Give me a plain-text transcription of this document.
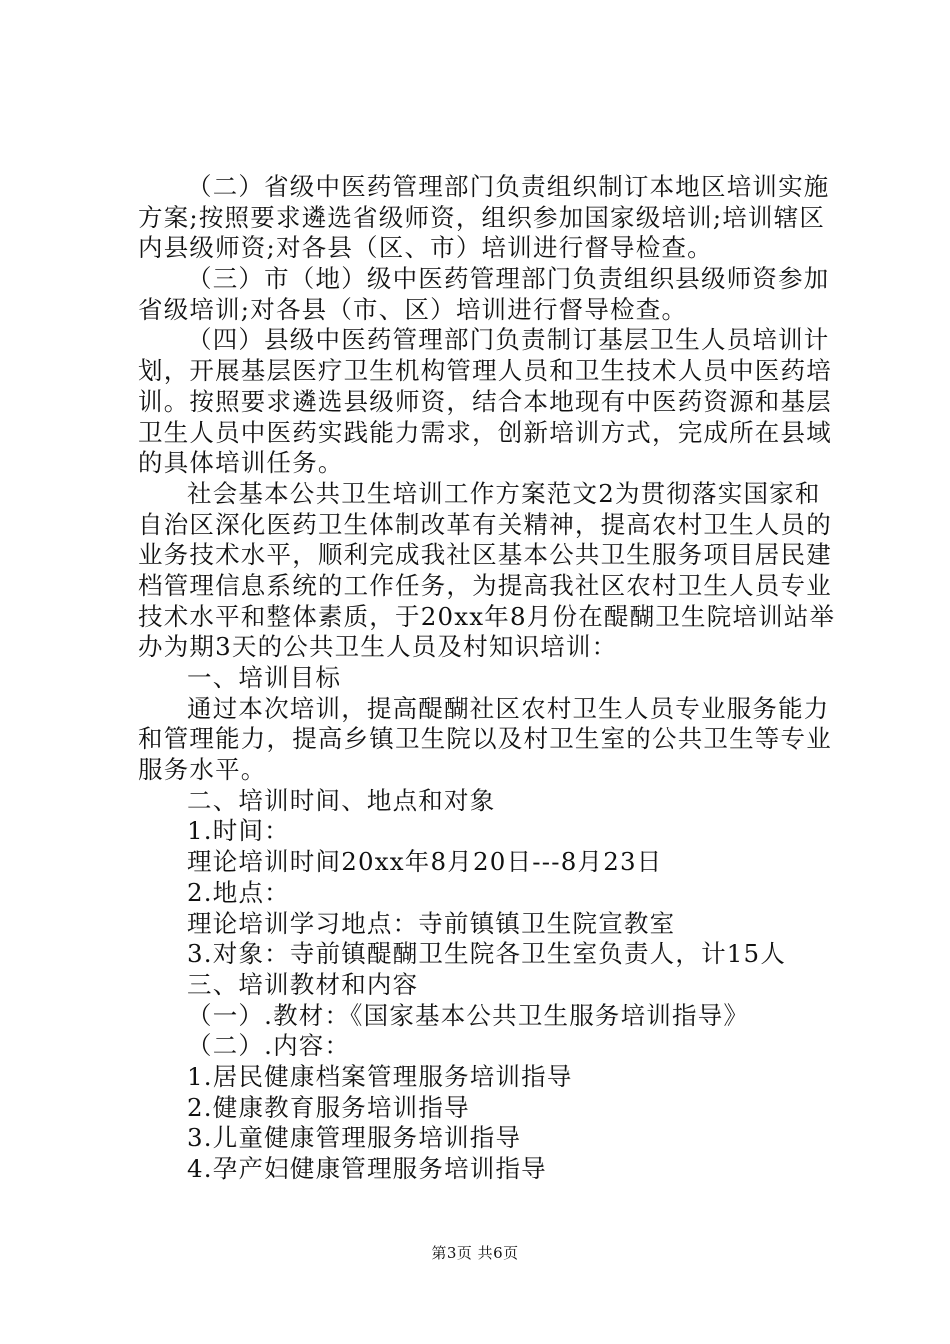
（二）省级中医药管理部门负责组织制订本地区培训实施
方案;按照要求遴选省级师资，组织参加国家级培训;培训辖区
内县级师资;对各县（区、市）培训进行督导检查。
（三）市（地）级中医药管理部门负责组织县级师资参加
省级培训;对各县（市、区）培训进行督导检查。
（四）县级中医药管理部门负责制订基层卫生人员培训计
划，开展基层医疗卫生机构管理人员和卫生技术人员中医药培
训。按照要求遴选县级师资，结合本地现有中医药资源和基层
卫生人员中医药实践能力需求，创新培训方式，完成所在县域
的具体培训任务。
社会基本公共卫生培训工作方案范文2为贯彻落实国家和
自治区深化医药卫生体制改革有关精神，提高农村卫生人员的
业务技术水平，顺利完成我社区基本公共卫生服务项目居民建
档管理信息系统的工作任务，为提高我社区农村卫生人员专业
技术水平和整体素质，于20xx年8月份在醍醐卫生院培训站举
办为期3天的公共卫生人员及村知识培训：
一、培训目标
通过本次培训，提高醍醐社区农村卫生人员专业服务能力
和管理能力，提高乡镇卫生院以及村卫生室的公共卫生等专业
服务水平。
二、培训时间、地点和对象
1.时间：
理论培训时间20xx年8月20日---8月23日
2.地点：
理论培训学习地点：寺前镇镇卫生院宣教室
3.对象：寺前镇醍醐卫生院各卫生室负责人，计15人
三、培训教材和内容
（一）.教材：《国家基本公共卫生服务培训指导》
（二）.内容：
1.居民健康档案管理服务培训指导
2.健康教育服务培训指导
3.儿童健康管理服务培训指导
4.孕产妇健康管理服务培训指导
第3页 共6页
